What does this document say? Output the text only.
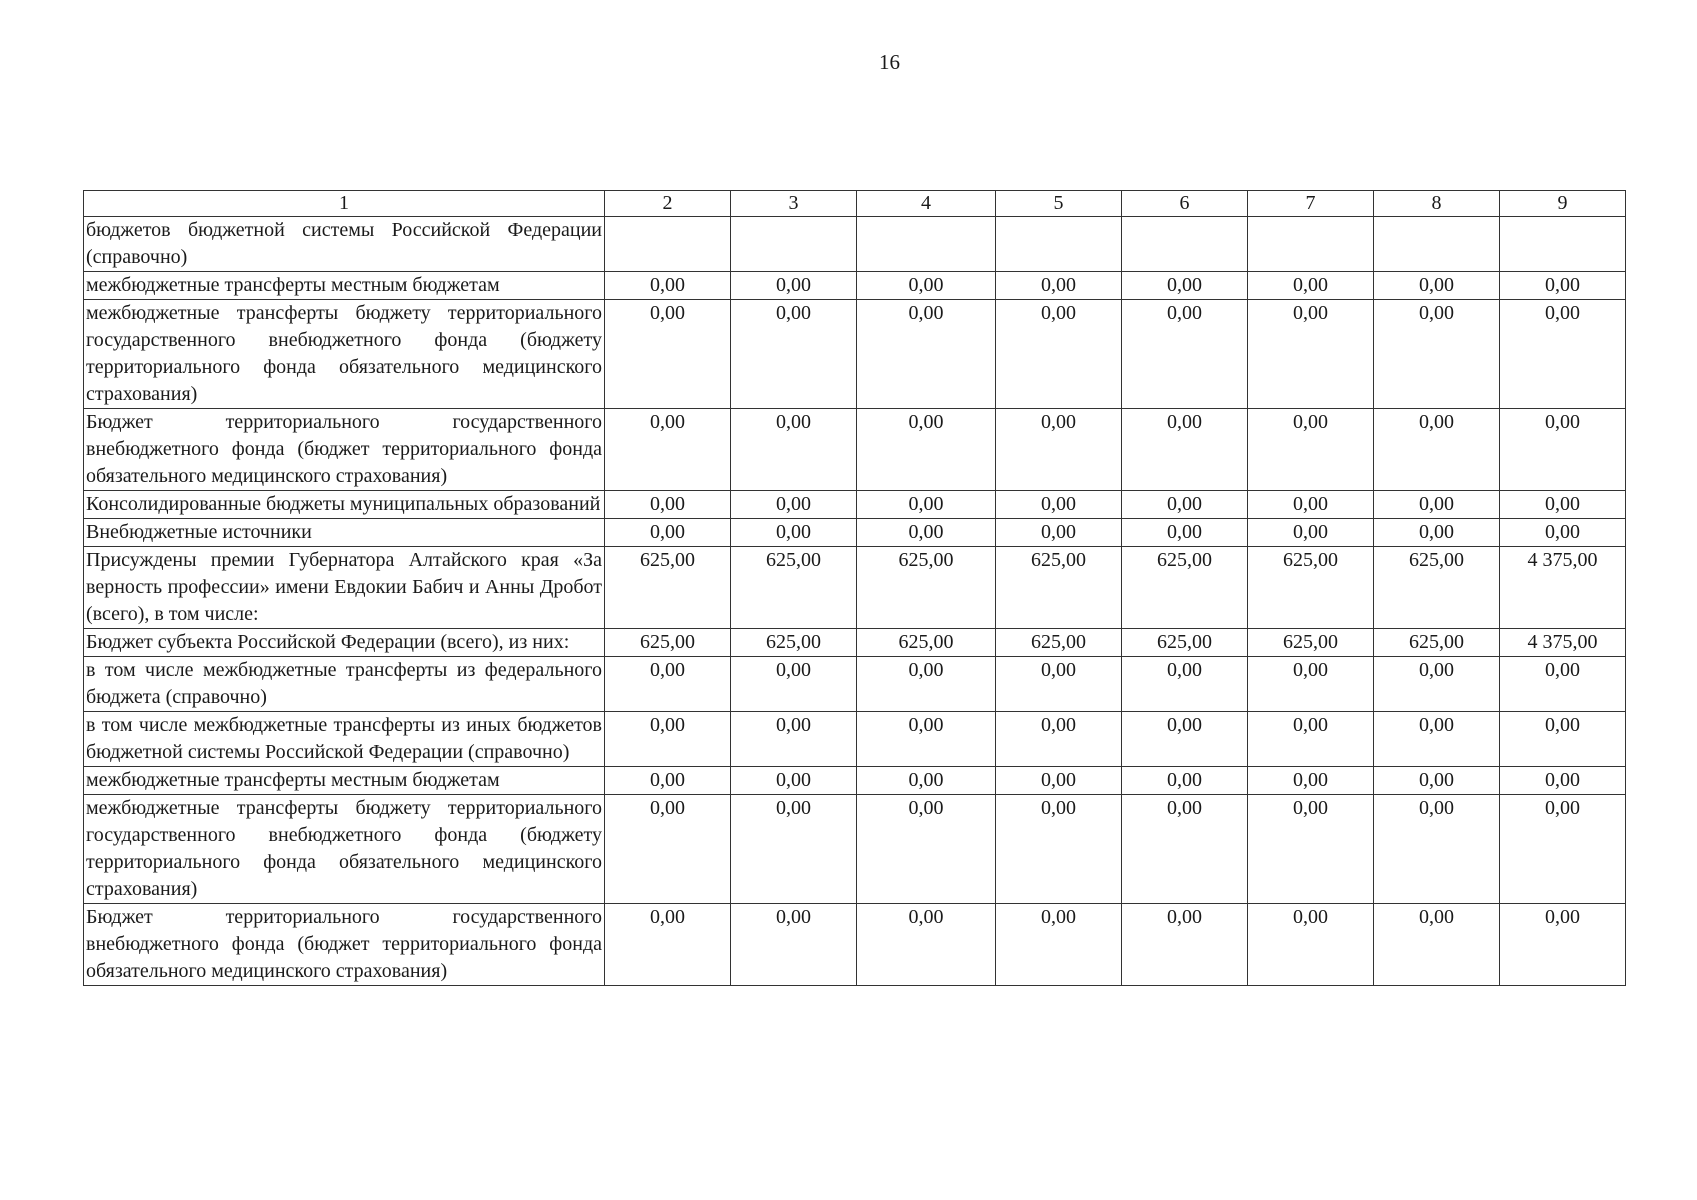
16
1	2	3	4	5	6	7	8	9
бюджетов бюджетной системы Российской Федерации (справочно)								
межбюджетные трансферты местным бюджетам	0,00	0,00	0,00	0,00	0,00	0,00	0,00	0,00
межбюджетные трансферты бюджету территориального государственного внебюджетного фонда (бюджету территориального фонда обязательного медицинского страхования)	0,00	0,00	0,00	0,00	0,00	0,00	0,00	0,00
Бюджет территориального государственного внебюджетного фонда (бюджет территориального фонда обязательного медицинского страхования)	0,00	0,00	0,00	0,00	0,00	0,00	0,00	0,00
Консолидированные бюджеты муниципальных образований	0,00	0,00	0,00	0,00	0,00	0,00	0,00	0,00
Внебюджетные источники	0,00	0,00	0,00	0,00	0,00	0,00	0,00	0,00
Присуждены премии Губернатора Алтайского края «За верность профессии» имени Евдокии Бабич и Анны Дробот (всего), в том числе:	625,00	625,00	625,00	625,00	625,00	625,00	625,00	4 375,00
Бюджет субъекта Российской Федерации (всего), из них:	625,00	625,00	625,00	625,00	625,00	625,00	625,00	4 375,00
в том числе межбюджетные трансферты из федерального бюджета (справочно)	0,00	0,00	0,00	0,00	0,00	0,00	0,00	0,00
в том числе межбюджетные трансферты из иных бюджетов бюджетной системы Российской Федерации (справочно)	0,00	0,00	0,00	0,00	0,00	0,00	0,00	0,00
межбюджетные трансферты местным бюджетам	0,00	0,00	0,00	0,00	0,00	0,00	0,00	0,00
межбюджетные трансферты бюджету территориального государственного внебюджетного фонда (бюджету территориального фонда обязательного медицинского страхования)	0,00	0,00	0,00	0,00	0,00	0,00	0,00	0,00
Бюджет территориального государственного внебюджетного фонда (бюджет территориального фонда обязательного медицинского страхования)	0,00	0,00	0,00	0,00	0,00	0,00	0,00	0,00
